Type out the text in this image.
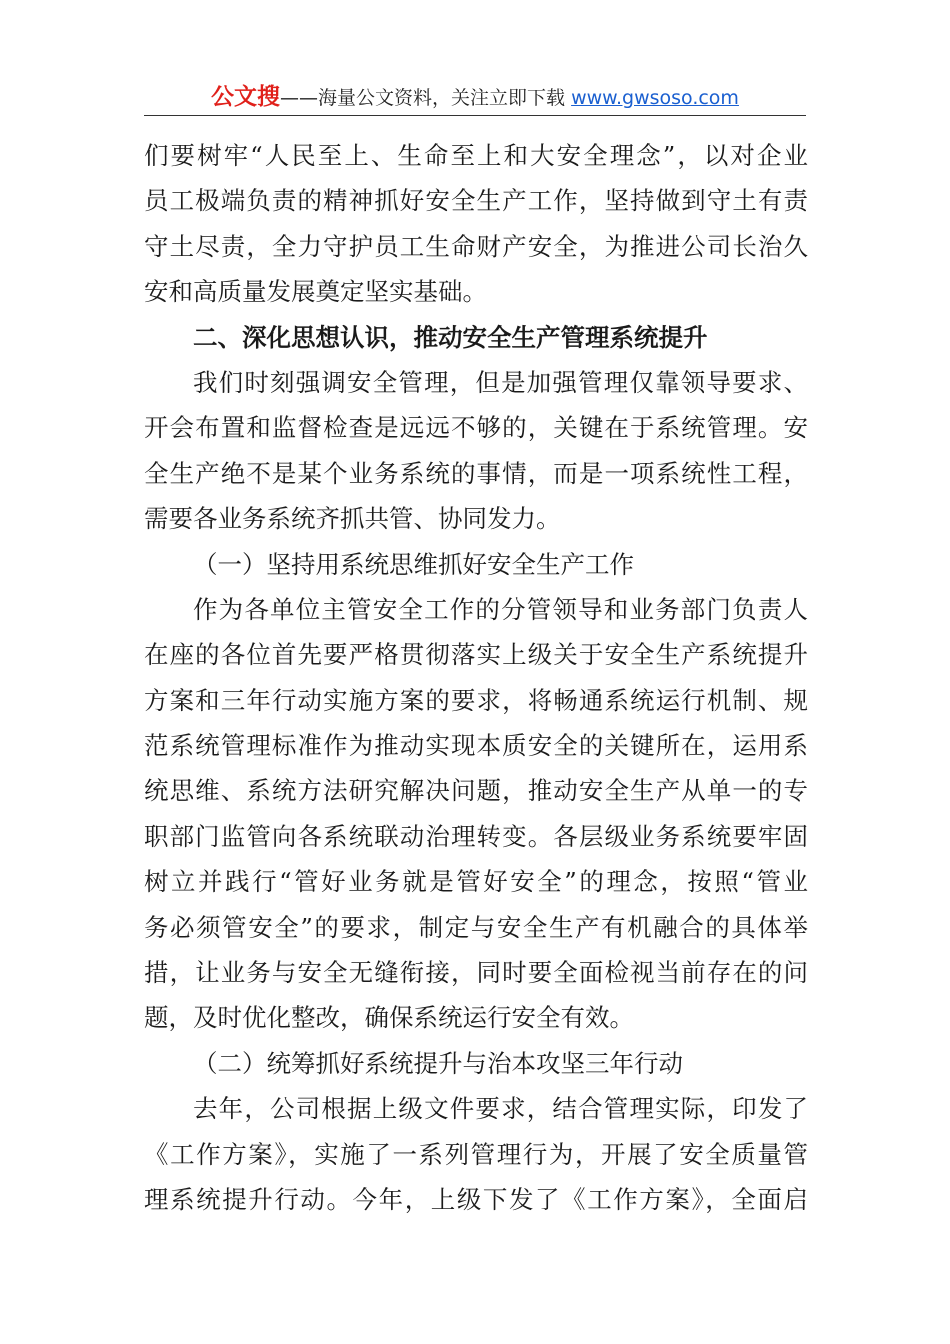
公文搜——海量公文资料，关注立即下载 www.gwsoso.com
们要树牢“人民至上、生命至上和大安全理念”，以对企业
员工极端负责的精神抓好安全生产工作，坚持做到守土有责
守土尽责，全力守护员工生命财产安全，为推进公司长治久
安和高质量发展奠定坚实基础。
二、深化思想认识，推动安全生产管理系统提升
我们时刻强调安全管理，但是加强管理仅靠领导要求、
开会布置和监督检查是远远不够的，关键在于系统管理。安
全生产绝不是某个业务系统的事情，而是一项系统性工程，
需要各业务系统齐抓共管、协同发力。
（一）坚持用系统思维抓好安全生产工作
作为各单位主管安全工作的分管领导和业务部门负责人
在座的各位首先要严格贯彻落实上级关于安全生产系统提升
方案和三年行动实施方案的要求，将畅通系统运行机制、规
范系统管理标准作为推动实现本质安全的关键所在，运用系
统思维、系统方法研究解决问题，推动安全生产从单一的专
职部门监管向各系统联动治理转变。各层级业务系统要牢固
树立并践行“管好业务就是管好安全”的理念，按照“管业
务必须管安全”的要求，制定与安全生产有机融合的具体举
措，让业务与安全无缝衔接，同时要全面检视当前存在的问
题，及时优化整改，确保系统运行安全有效。
（二）统筹抓好系统提升与治本攻坚三年行动
去年，公司根据上级文件要求，结合管理实际，印发了
《工作方案》，实施了一系列管理行为，开展了安全质量管
理系统提升行动。今年，上级下发了《工作方案》，全面启
